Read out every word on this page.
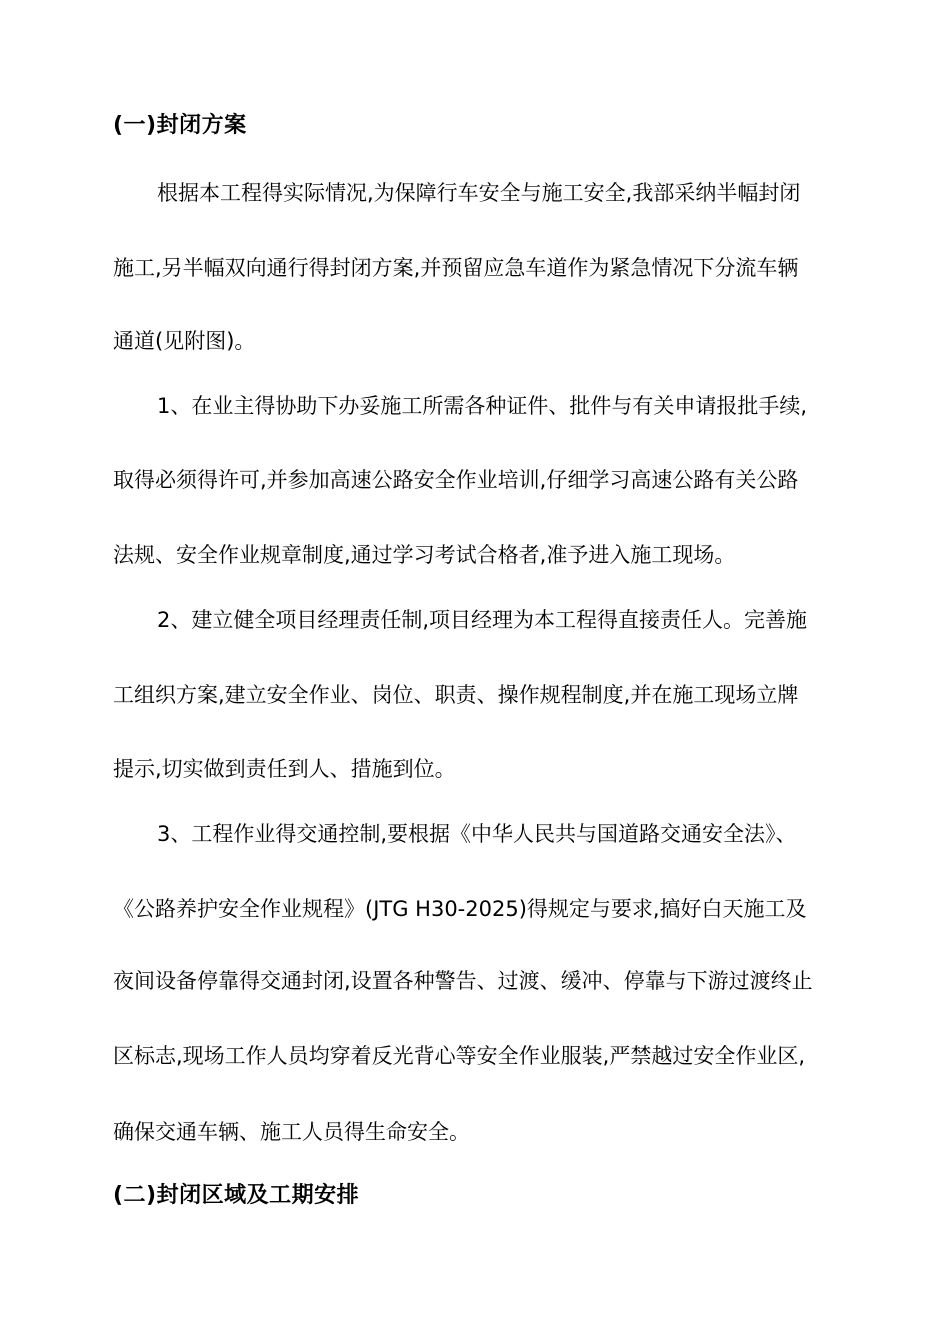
(一)封闭方案
根据本工程得实际情况,为保障行车安全与施工安全,我部采纳半幅封闭
施工,另半幅双向通行得封闭方案,并预留应急车道作为紧急情况下分流车辆
通道(见附图)。
1、在业主得协助下办妥施工所需各种证件、批件与有关申请报批手续,
取得必须得许可,并参加高速公路安全作业培训,仔细学习高速公路有关公路
法规、安全作业规章制度,通过学习考试合格者,准予进入施工现场。
2、建立健全项目经理责任制,项目经理为本工程得直接责任人。完善施
工组织方案,建立安全作业、岗位、职责、操作规程制度,并在施工现场立牌
提示,切实做到责任到人、措施到位。
3、工程作业得交通控制,要根据《中华人民共与国道路交通安全法》、
《公路养护安全作业规程》(JTG H30-2025)得规定与要求,搞好白天施工及
夜间设备停靠得交通封闭,设置各种警告、过渡、缓冲、停靠与下游过渡终止
区标志,现场工作人员均穿着反光背心等安全作业服装,严禁越过安全作业区,
确保交通车辆、施工人员得生命安全。
(二)封闭区域及工期安排
